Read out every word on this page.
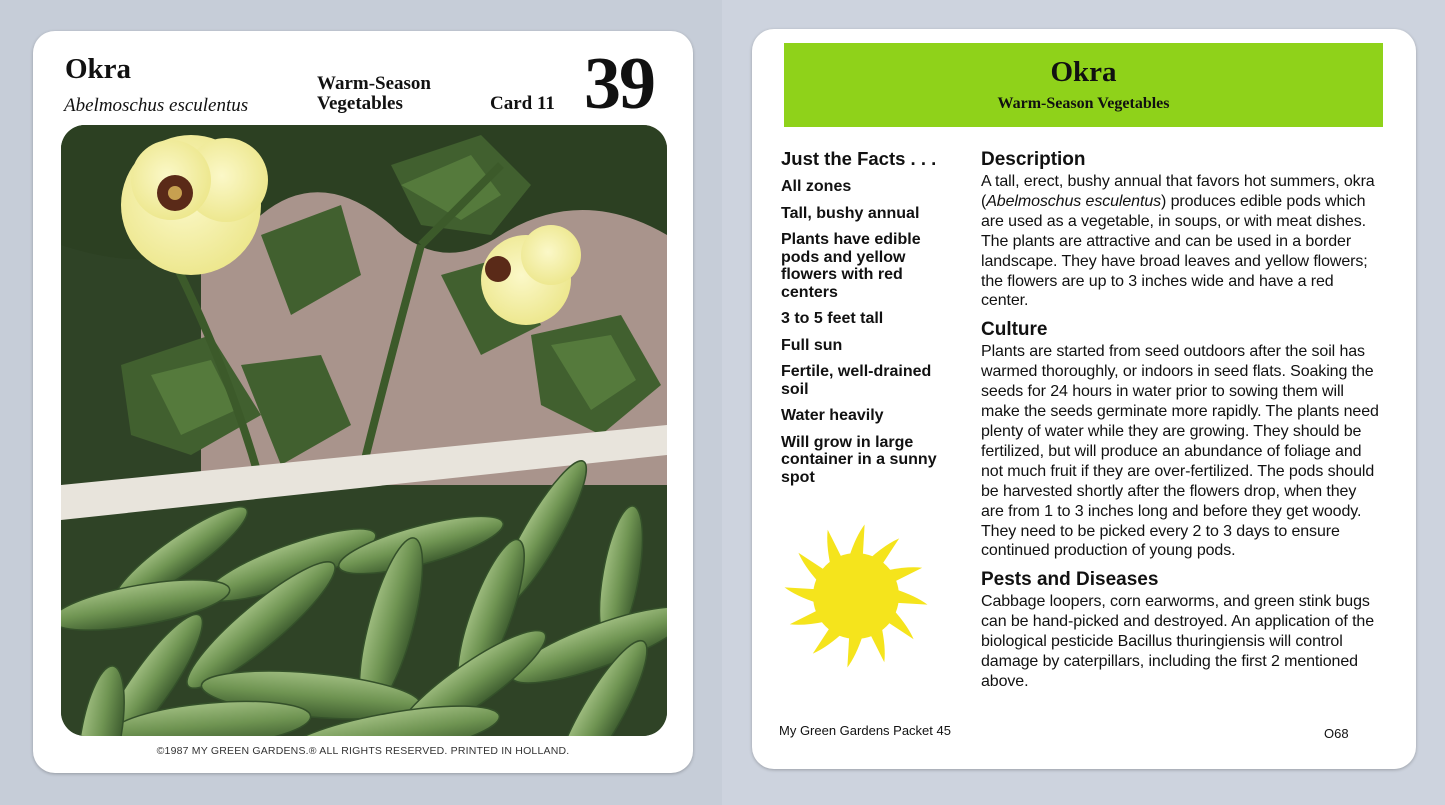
Okra
Abelmoschus esculentus
Warm-Season Vegetables	Card 11 39
©1987 MY GREEN GARDENS.® ALL RIGHTS RESERVED. PRINTED IN HOLLAND.
Okra
Warm-Season Vegetables
Just the Facts . . .
All zones
Tall, bushy annual
Plants have edible pods and yellow flowers with red centers
3 to 5 feet tall
Full sun
Fertile, well-drained soil
Water heavily
Will grow in large container in a sunny spot
Description
A tall, erect, bushy annual that favors hot summers, okra (Abelmoschus esculentus) produces edible pods which are used as a vegetable, in soups, or with meat dishes. The plants are attractive and can be used in a border landscape. They have broad leaves and yellow flowers; the flowers are up to 3 inches wide and have a red center.
Culture
Plants are started from seed outdoors after the soil has warmed thoroughly, or indoors in seed flats. Soaking the seeds for 24 hours in water prior to sowing them will make the seeds germinate more rapidly. The plants need plenty of water while they are growing. They should be fertilized, but will produce an abundance of foliage and not much fruit if they are over-fertilized. The pods should be harvested shortly after the flowers drop, when they are from 1 to 3 inches long and before they get woody. They need to be picked every 2 to 3 days to ensure continued production of young pods.
Pests and Diseases
Cabbage loopers, corn earworms, and green stink bugs can be hand-picked and destroyed. An application of the biological pesticide Bacillus thuringiensis will control damage by caterpillars, including the first 2 mentioned above.
My Green Gardens Packet 45	O68
